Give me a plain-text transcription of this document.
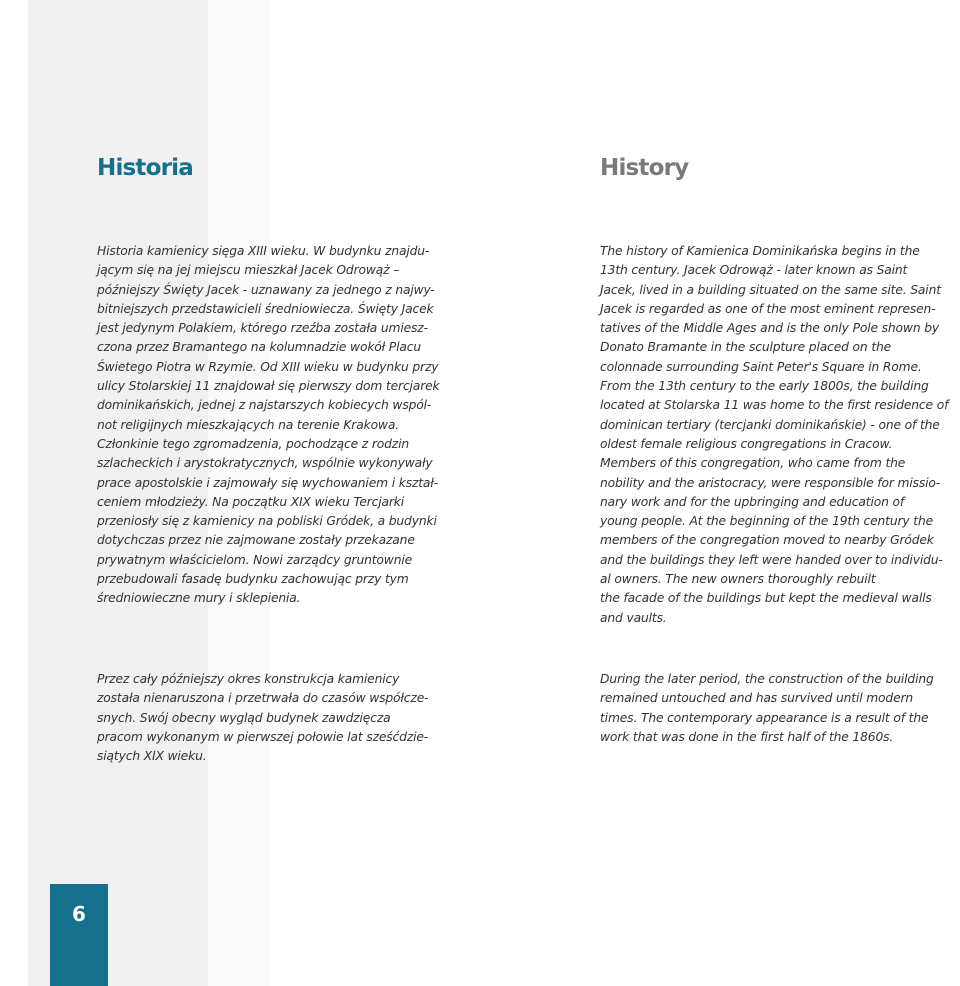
Historia	History

Historia kamienicy sięga XIII wieku. W budynku znajdu-
jącym się na jej miejscu mieszkał Jacek Odrowąż –
późniejszy Święty Jacek - uznawany za jednego z najwy-
bitniejszych przedstawicieli średniowiecza. Święty Jacek
jest jedynym Polakiem, którego rzeźba została umiesz-
czona przez Bramantego na kolumnadzie wokół Placu
Świetego Piotra w Rzymie. Od XIII wieku w budynku przy
ulicy Stolarskiej 11 znajdował się pierwszy dom tercjarek
dominikańskich, jednej z najstarszych kobiecych wspól-
not religijnych mieszkających na terenie Krakowa.
Członkinie tego zgromadzenia, pochodzące z rodzin
szlacheckich i arystokratycznych, wspólnie wykonywały
prace apostolskie i zajmowały się wychowaniem i kształ-
ceniem młodzieży. Na początku XIX wieku Tercjarki
przeniosły się z kamienicy na pobliski Gródek, a budynki
dotychczas przez nie zajmowane zostały przekazane
prywatnym właścicielom. Nowi zarządcy gruntownie
przebudowali fasadę budynku zachowując przy tym
średniowieczne mury i sklepienia.

The history of Kamienica Dominikańska begins in the
13th century. Jacek Odrowąż - later known as Saint
Jacek, lived in a building situated on the same site. Saint
Jacek is regarded as one of the most eminent represen-
tatives of the Middle Ages and is the only Pole shown by
Donato Bramante in the sculpture placed on the
colonnade surrounding Saint Peter's Square in Rome.
From the 13th century to the early 1800s, the building
located at Stolarska 11 was home to the first residence of
dominican tertiary (tercjanki dominikańskie) - one of the
oldest female religious congregations in Cracow.
Members of this congregation, who came from the
nobility and the aristocracy, were responsible for missio-
nary work and for the upbringing and education of
young people. At the beginning of the 19th century the
members of the congregation moved to nearby Gródek
and the buildings they left were handed over to individu-
al owners. The new owners thoroughly rebuilt
the facade of the buildings but kept the medieval walls
and vaults.

Przez cały późniejszy okres konstrukcja kamienicy
została nienaruszona i przetrwała do czasów współcze-
snych. Swój obecny wygląd budynek zawdzięcza
pracom wykonanym w pierwszej połowie lat sześćdzie-
siątych XIX wieku.

During the later period, the construction of the building
remained untouched and has survived until modern
times. The contemporary appearance is a result of the
work that was done in the first half of the 1860s.

6
